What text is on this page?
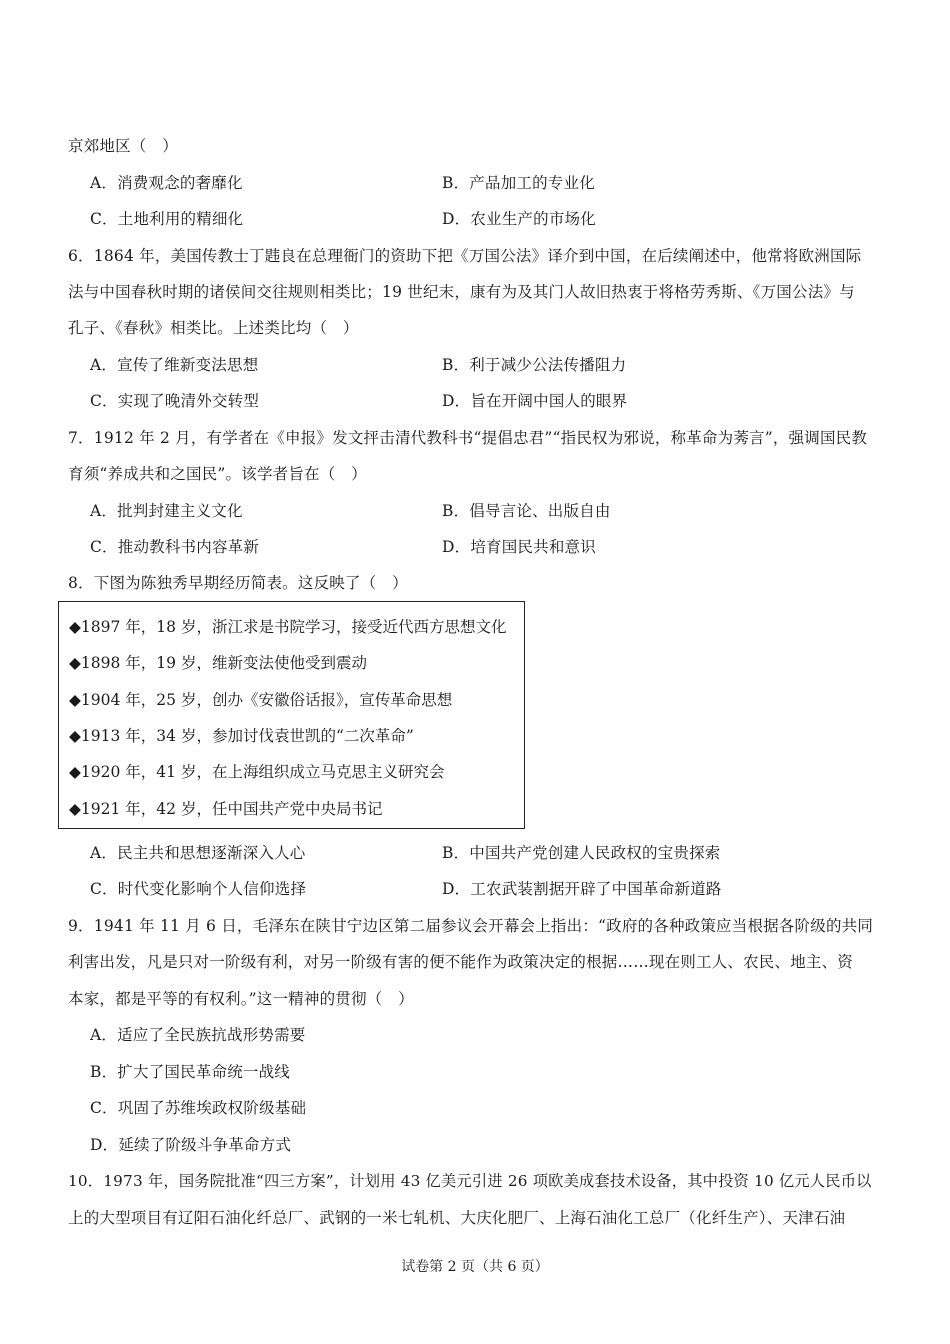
京郊地区（　）
A．消费观念的奢靡化	B．产品加工的专业化
C．土地利用的精细化	D．农业生产的市场化
6．1864 年，美国传教士丁韪良在总理衙门的资助下把《万国公法》译介到中国，在后续阐述中，他常将欧洲国际
法与中国春秋时期的诸侯间交往规则相类比；19 世纪末，康有为及其门人故旧热衷于将格劳秀斯、《万国公法》与
孔子、《春秋》相类比。上述类比均（　）
A．宣传了维新变法思想	B．利于减少公法传播阻力
C．实现了晚清外交转型	D．旨在开阔中国人的眼界
7．1912 年 2 月，有学者在《申报》发文抨击清代教科书“提倡忠君”“指民权为邪说，称革命为莠言”，强调国民教
育须“养成共和之国民”。该学者旨在（　）
A．批判封建主义文化	B．倡导言论、出版自由
C．推动教科书内容革新	D．培育国民共和意识
8．下图为陈独秀早期经历简表。这反映了（　）
◆1897 年，18 岁，浙江求是书院学习，接受近代西方思想文化
◆1898 年，19 岁，维新变法使他受到震动
◆1904 年，25 岁，创办《安徽俗话报》，宣传革命思想
◆1913 年，34 岁，参加讨伐袁世凯的“二次革命”
◆1920 年，41 岁，在上海组织成立马克思主义研究会
◆1921 年，42 岁，任中国共产党中央局书记
A．民主共和思想逐渐深入人心	B．中国共产党创建人民政权的宝贵探索
C．时代变化影响个人信仰选择	D．工农武装割据开辟了中国革命新道路
9．1941 年 11 月 6 日，毛泽东在陕甘宁边区第二届参议会开幕会上指出：“政府的各种政策应当根据各阶级的共同
利害出发，凡是只对一阶级有利，对另一阶级有害的便不能作为政策决定的根据……现在则工人、农民、地主、资
本家，都是平等的有权利。”这一精神的贯彻（　）
A．适应了全民族抗战形势需要
B．扩大了国民革命统一战线
C．巩固了苏维埃政权阶级基础
D．延续了阶级斗争革命方式
10．1973 年，国务院批准“四三方案”，计划用 43 亿美元引进 26 项欧美成套技术设备，其中投资 10 亿元人民币以
上的大型项目有辽阳石油化纤总厂、武钢的一米七轧机、大庆化肥厂、上海石油化工总厂（化纤生产）、天津石油
试卷第 2 页（共 6 页）
